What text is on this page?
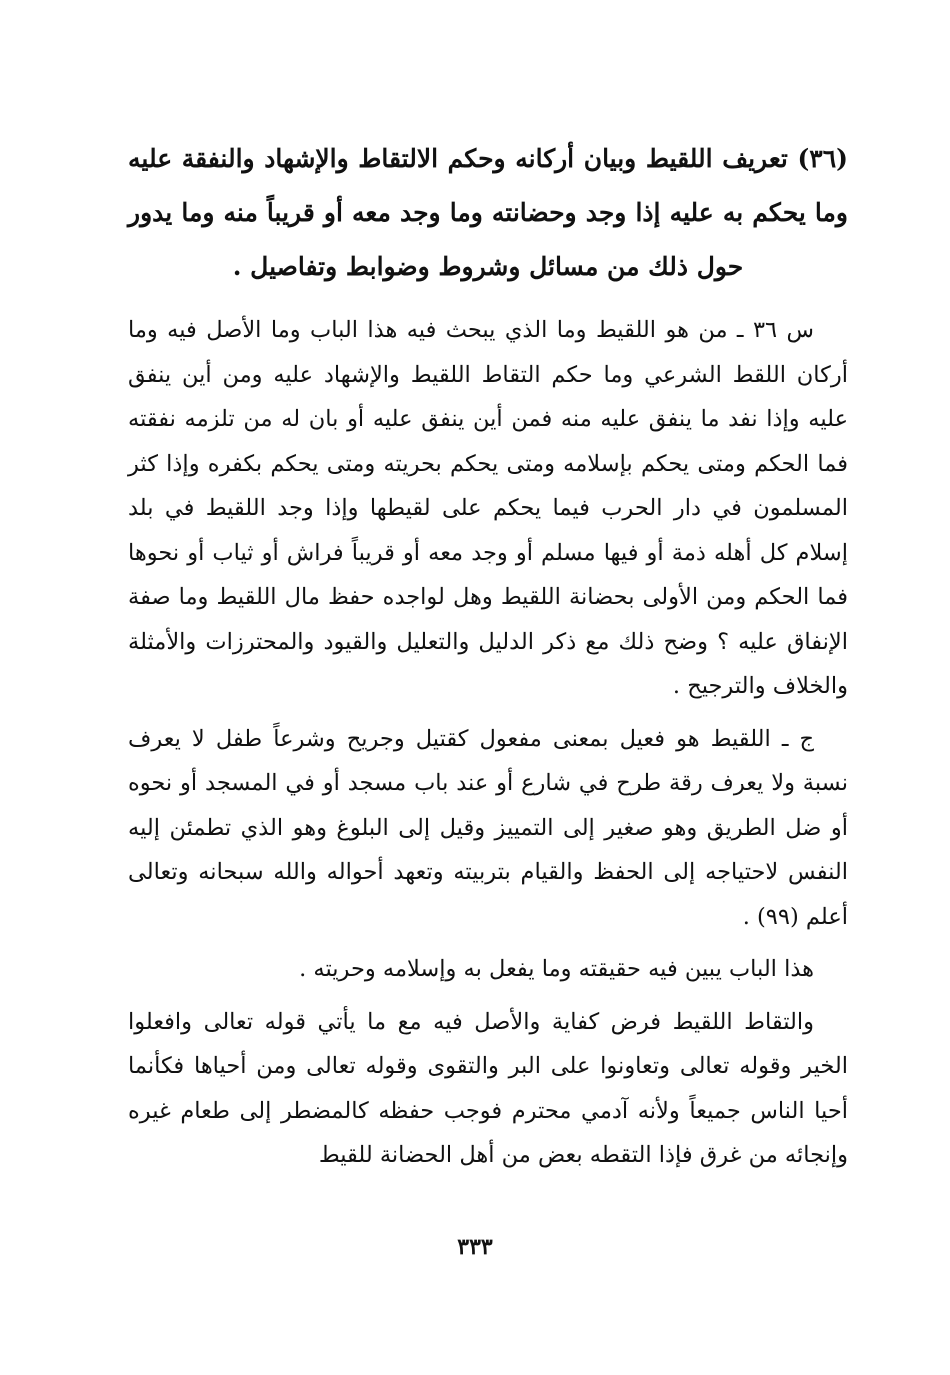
(٣٦) تعريف اللقيط وبيان أركانه وحكم الالتقاط والإشهاد والنفقة عليه
وما يحكم به عليه إذا وجد وحضانته وما وجد معه أو قريباً منه وما يدور
حول ذلك من مسائل وشروط وضوابط وتفاصيل .

س ٣٦ ـ من هو اللقيط وما الذي يبحث فيه هذا الباب وما الأصل فيه وما أركان اللقط الشرعي وما حكم التقاط اللقيط والإشهاد عليه ومن أين ينفق عليه وإذا نفد ما ينفق عليه منه فمن أين ينفق عليه أو بان له من تلزمه نفقته فما الحكم ومتى يحكم بإسلامه ومتى يحكم بحريته ومتى يحكم بكفره وإذا كثر المسلمون في دار الحرب فيما يحكم على لقيطها وإذا وجد اللقيط في بلد إسلام كل أهله ذمة أو فيها مسلم أو وجد معه أو قريباً فراش أو ثياب أو نحوها فما الحكم ومن الأولى بحضانة اللقيط وهل لواجده حفظ مال اللقيط وما صفة الإنفاق عليه ؟ وضح ذلك مع ذكر الدليل والتعليل والقيود والمحترزات والأمثلة والخلاف والترجيح .

ج ـ اللقيط هو فعيل بمعنى مفعول كقتيل وجريح وشرعاً طفل لا يعرف نسبة ولا يعرف رقة طرح في شارع أو عند باب مسجد أو في المسجد أو نحوه أو ضل الطريق وهو صغير إلى التمييز وقيل إلى البلوغ وهو الذي تطمئن إليه النفس لاحتياجه إلى الحفظ والقيام بتربيته وتعهد أحواله والله سبحانه وتعالى أعلم (٩٩) .

هذا الباب يبين فيه حقيقته وما يفعل به وإسلامه وحريته .

والتقاط اللقيط فرض كفاية والأصل فيه مع ما يأتي قوله تعالى وافعلوا الخير وقوله تعالى وتعاونوا على البر والتقوى وقوله تعالى ومن أحياها فكأنما أحيا الناس جميعاً ولأنه آدمي محترم فوجب حفظه كالمضطر إلى طعام غيره وإنجائه من غرق فإذا التقطه بعض من أهل الحضانة للقيط

٣٣٣
